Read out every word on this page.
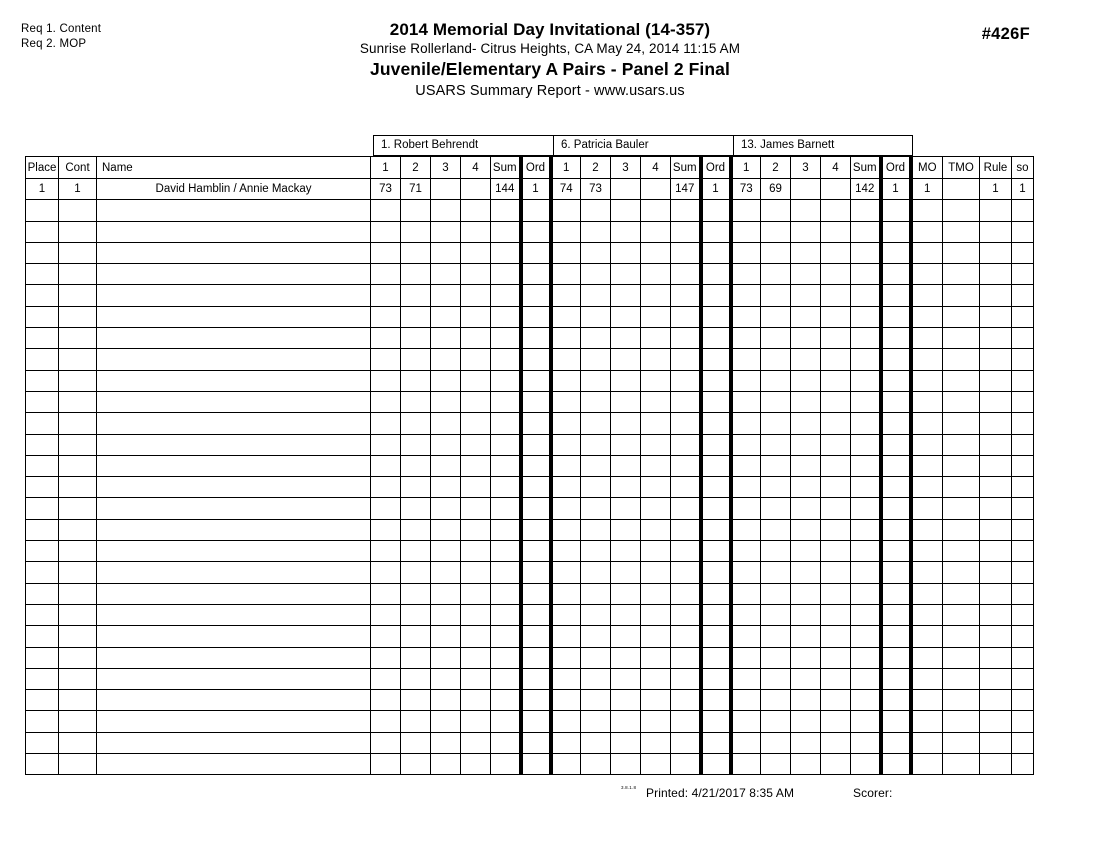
Req 1. Content
Req 2. MOP
#426F
2014 Memorial Day Invitational (14-357)
Sunrise Rollerland- Citrus Heights, CA May 24, 2014 11:15 AM
Juvenile/Elementary A Pairs - Panel 2 Final
USARS Summary Report - www.usars.us
1. Robert Behrendt	6. Patricia Bauler	13. James Barnett
Place	Cont	Name	1	2	3	4	Sum	Ord	1	2	3	4	Sum	Ord	1	2	3	4	Sum	Ord	MO	TMO	Rule	so
1	1	David Hamblin / Annie Mackay	73	71			144	1	74	73			147	1	73	69			142	1	1		1	1

3.8.1.8 Printed: 4/21/2017 8:35 AM	Scorer:
